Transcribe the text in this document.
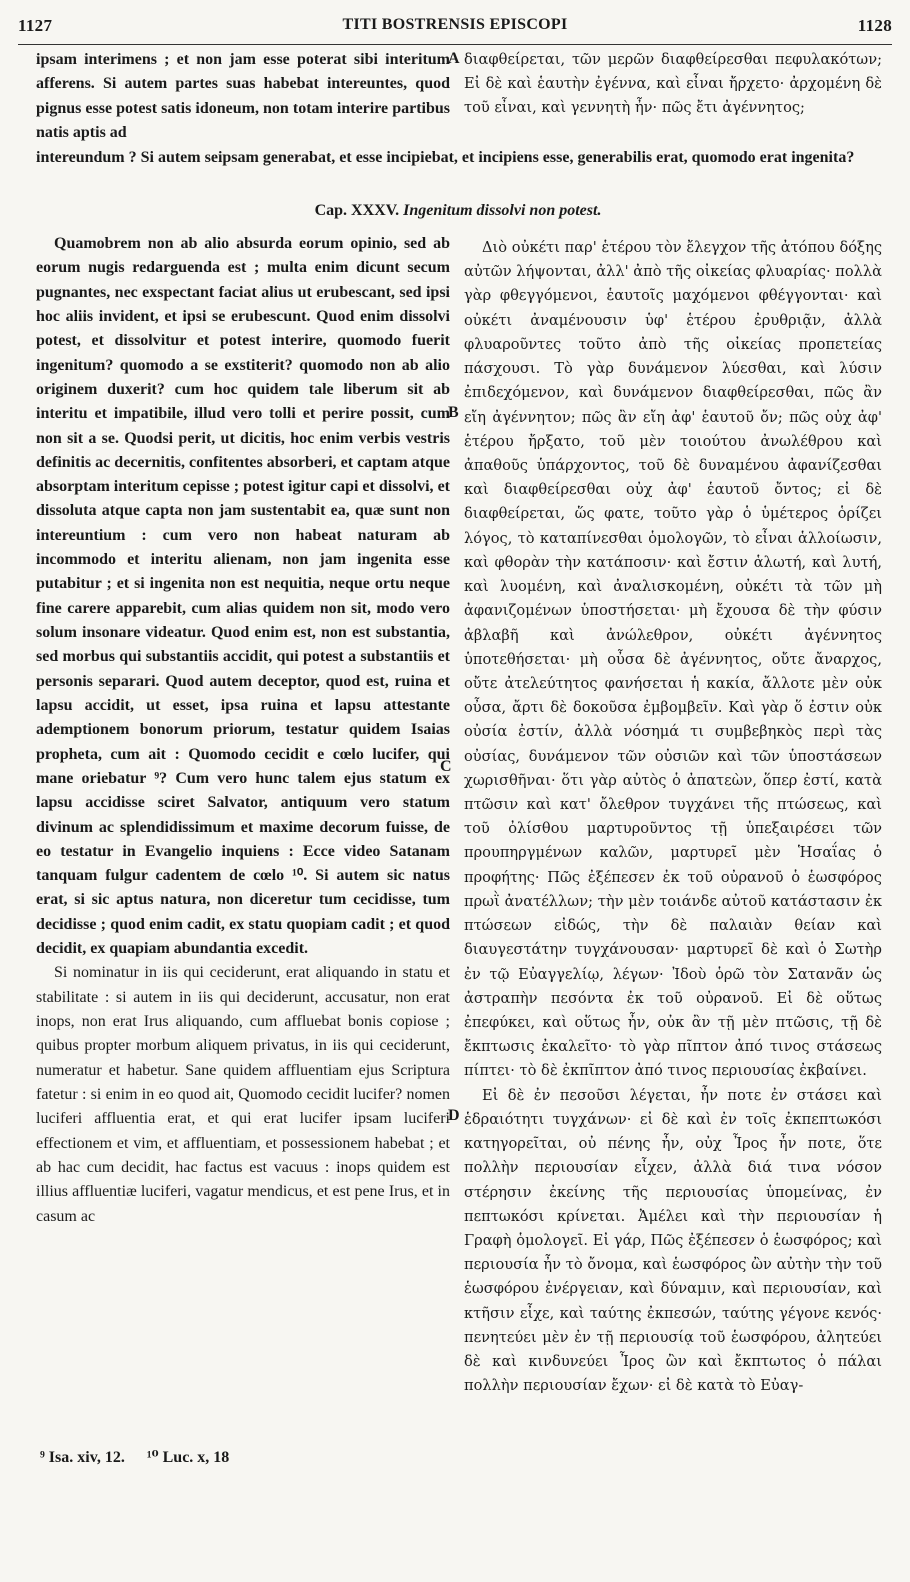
1127	TITI BOSTRENSIS EPISCOPI	1128

ipsam interimens ; et non jam esse poterat sibi interitum afferens. Si autem partes suas habebat intereuntes, quod pignus esse potest satis idoneum, non totam interire partibus natis aptis ad

A διαφθείρεται, τῶν μερῶν διαφθείρεσθαι πεφυλακότων; Εἰ δὲ καὶ ἑαυτὴν ἐγέννα, καὶ εἶναι ἤρχετο· ἀρχομένη δὲ τοῦ εἶναι, καὶ γεννητὴ ἦν· πῶς ἔτι ἀγέννητος;

intereundum ? Si autem seipsam generabat, et esse incipiebat, et incipiens esse, generabilis erat, quomodo erat ingenita?

Cap. XXXV. Ingenitum dissolvi non potest.

Quamobrem non ab alio absurda eorum opinio, sed ab eorum nugis redarguenda est ; multa enim dicunt secum pugnantes, nec exspectant faciat alius ut erubescant, sed ipsi hoc aliis invident, et ipsi se erubescunt. Quod enim dissolvi potest, et dissolvitur et potest interire, quomodo fuerit ingenitum? quomodo a se exstiterit? quomodo non ab alio originem duxerit? cum hoc quidem tale liberum sit ab interitu et impatibile, illud vero tolli et perire possit, cum non sit a se. Quodsi perit, ut dicitis, hoc enim verbis vestris definitis ac decernitis, confitentes absorberi, et captam atque absorptam interitum cepisse ; potest igitur capi et dissolvi, et dissoluta atque capta non jam sustentabit ea, quæ sunt non intereuntium : cum vero non habeat naturam ab incommodo et interitu alienam, non jam ingenita esse putabitur ; et si ingenita non est nequitia, neque ortu neque fine carere apparebit, cum alias quidem non sit, modo vero solum insonare videatur. Quod enim est, non est substantia, sed morbus qui substantiis accidit, qui potest a substantiis et personis separari. Quod autem deceptor, quod est, ruina et lapsu accidit, ut esset, ipsa ruina et lapsu attestante ademptionem bonorum priorum, testatur quidem Isaias propheta, cum ait : Quomodo cecidit e cœlo lucifer, qui mane oriebatur ⁹? Cum vero hunc talem ejus statum ex lapsu accidisse sciret Salvator, antiquum vero statum divinum ac splendidissimum et maxime decorum fuisse, de eo testatur in Evangelio inquiens : Ecce video Satanam tanquam fulgur cadentem de cœlo ¹⁰. Si autem sic natus erat, si sic aptus natura, non diceretur tum cecidisse, tum decidisse ; quod enim cadit, ex statu quopiam cadit ; et quod decidit, ex quapiam abundantia excedit.

Si nominatur in iis qui ceciderunt, erat aliquando in statu et stabilitate : si autem in iis qui deciderunt, accusatur, non erat inops, non erat Irus aliquando, cum affluebat bonis copiose ; quibus propter morbum aliquem privatus, in iis qui ceciderunt, numeratur et habetur. Sane quidem affluentiam ejus Scriptura fatetur : si enim in eo quod ait, Quomodo cecidit lucifer? nomen luciferi affluentia erat, et qui erat lucifer ipsam luciferi effectionem et vim, et affluentiam, et possessionem habebat ; et ab hac cum decidit, hac factus est vacuus : inops quidem est illius affluentiæ luciferi, vagatur mendicus, et est pene Irus, et in casum ac

B
C
D

Διὸ οὐκέτι παρ' ἑτέρου τὸν ἔλεγχον τῆς ἀτόπου δόξης αὐτῶν λήψονται, ἀλλ' ἀπὸ τῆς οἰκείας φλυαρίας· πολλὰ γὰρ φθεγγόμενοι, ἑαυτοῖς μαχόμενοι φθέγγονται· καὶ οὐκέτι ἀναμένουσιν ὑφ' ἑτέρου ἐρυθριᾷν, ἀλλὰ φλυαροῦντες τοῦτο ἀπὸ τῆς οἰκείας προπετείας πάσχουσι. Τὸ γὰρ δυνάμενον λύεσθαι, καὶ λύσιν ἐπιδεχόμενον, καὶ δυνάμενον διαφθείρεσθαι, πῶς ἂν εἴη ἀγέννητον; πῶς ἂν εἴη ἀφ' ἑαυτοῦ ὄν; πῶς οὐχ ἀφ' ἑτέρου ἤρξατο, τοῦ μὲν τοιούτου ἀνωλέθρου καὶ ἀπαθοῦς ὑπάρχοντος, τοῦ δὲ δυναμένου ἀφανίζεσθαι καὶ διαφθείρεσθαι οὐχ ἀφ' ἑαυτοῦ ὄντος; εἰ δὲ διαφθείρεται, ὥς φατε, τοῦτο γὰρ ὁ ὑμέτερος ὁρίζει λόγος, τὸ καταπίνεσθαι ὁμολογῶν, τὸ εἶναι ἁλλοίωσιν, καὶ φθορὰν τὴν κατάποσιν· καὶ ἔστιν ἁλωτή, καὶ λυτή, καὶ λυομένη, καὶ ἀναλισκομένη, οὐκέτι τὰ τῶν μὴ ἀφανιζομένων ὑποστήσεται· μὴ ἔχουσα δὲ τὴν φύσιν ἀβλαβῆ καὶ ἀνώλεθρον, οὐκέτι ἀγέννητος ὑποτεθήσεται· μὴ οὖσα δὲ ἀγέννητος, οὔτε ἄναρχος, οὔτε ἀτελεύτητος φανήσεται ἡ κακία, ἄλλοτε μὲν οὐκ οὖσα, ἄρτι δὲ δοκοῦσα ἐμβομβεῖν. Καὶ γὰρ ὅ ἐστιν οὐκ οὐσία ἐστίν, ἀλλὰ νόσημά τι συμβεβηκὸς περὶ τὰς οὐσίας, δυνάμενον τῶν οὐσιῶν καὶ τῶν ὑποστάσεων χωρισθῆναι· ὅτι γὰρ αὐτὸς ὁ ἀπατεὼν, ὅπερ ἐστί, κατὰ πτῶσιν καὶ κατ' ὄλεθρον τυγχάνει τῆς πτώσεως, καὶ τοῦ ὀλίσθου μαρτυροῦντος τῇ ὑπεξαιρέσει τῶν προυπηργμένων καλῶν, μαρτυρεῖ μὲν Ἡσαΐας ὁ προφήτης· Πῶς ἐξέπεσεν ἐκ τοῦ οὐρανοῦ ὁ ἑωσφόρος πρωῒ ἀνατέλλων; τὴν μὲν τοιάνδε αὐτοῦ κατάστασιν ἐκ πτώσεων εἰδώς, τὴν δὲ παλαιὰν θείαν καὶ διαυγεστάτην τυγχάνουσαν· μαρτυρεῖ δὲ καὶ ὁ Σωτὴρ ἐν τῷ Εὐαγγελίῳ, λέγων· Ἰδοὺ ὁρῶ τὸν Σατανᾶν ὡς ἀστραπὴν πεσόντα ἐκ τοῦ οὐρανοῦ. Εἰ δὲ οὕτως ἐπεφύκει, καὶ οὕτως ἦν, οὐκ ἂν τῇ μὲν πτῶσις, τῇ δὲ ἔκπτωσις ἐκαλεῖτο· τὸ γὰρ πῖπτον ἀπό τινος στάσεως πίπτει· τὸ δὲ ἐκπῖπτον ἀπό τινος περιουσίας ἐκβαίνει.

Εἰ δὲ ἐν πεσοῦσι λέγεται, ἦν ποτε ἐν στάσει καὶ ἑδραιότητι τυγχάνων· εἰ δὲ καὶ ἐν τοῖς ἐκπεπτωκόσι κατηγορεῖται, οὐ πένης ἦν, οὐχ Ἶρος ἦν ποτε, ὅτε πολλὴν περιουσίαν εἶχεν, ἀλλὰ διά τινα νόσον στέρησιν ἐκείνης τῆς περιουσίας ὑπομείνας, ἐν πεπτωκόσι κρίνεται. Ἀμέλει καὶ τὴν περιουσίαν ἡ Γραφὴ ὁμολογεῖ. Εἰ γάρ, Πῶς ἐξέπεσεν ὁ ἑωσφόρος; καὶ περιουσία ἦν τὸ ὄνομα, καὶ ἑωσφόρος ὢν αὐτὴν τὴν τοῦ ἑωσφόρου ἐνέργειαν, καὶ δύναμιν, καὶ περιουσίαν, καὶ κτῆσιν εἶχε, καὶ ταύτης ἐκπεσών, ταύτης γέγονε κενός· πενητεύει μὲν ἐν τῇ περιουσίᾳ τοῦ ἑωσφόρου, ἀλητεύει δὲ καὶ κινδυνεύει Ἶρος ὢν καὶ ἔκπτωτος ὁ πάλαι πολλὴν περιουσίαν ἔχων· εἰ δὲ κατὰ τὸ Εὐαγ-

⁹ Isa. xiv, 12. ¹⁰ Luc. x, 18
